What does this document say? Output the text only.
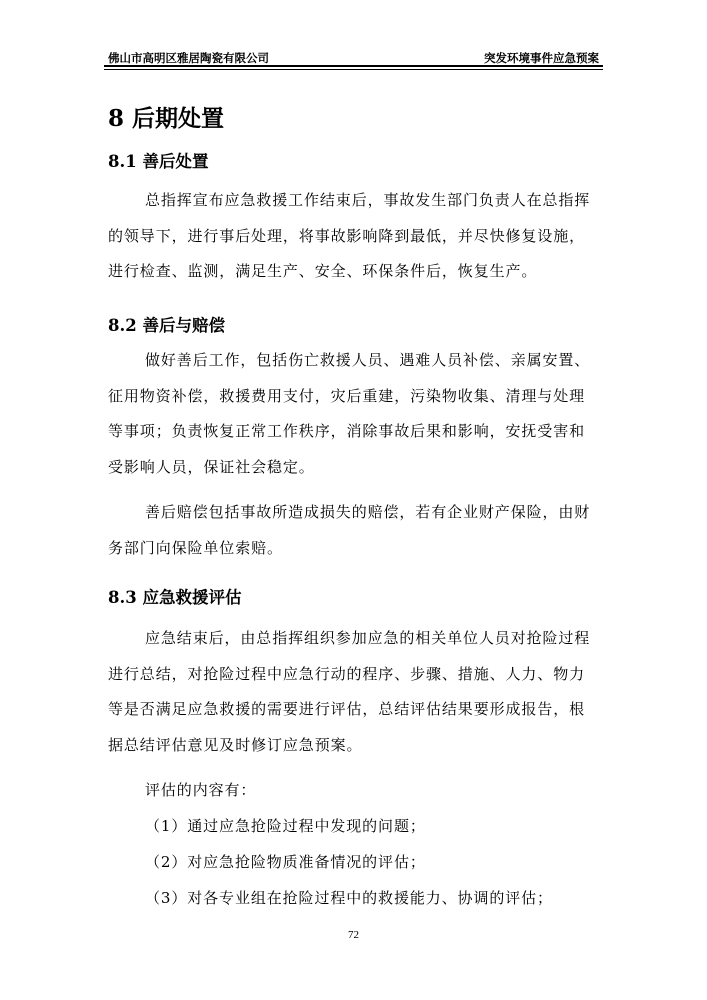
佛山市高明区雅居陶瓷有限公司	突发环境事件应急预案
8 后期处置
8.1 善后处置
总指挥宣布应急救援工作结束后，事故发生部门负责人在总指挥的领导下，进行事后处理，将事故影响降到最低，并尽快修复设施，进行检查、监测，满足生产、安全、环保条件后，恢复生产。
8.2 善后与赔偿
做好善后工作，包括伤亡救援人员、遇难人员补偿、亲属安置、征用物资补偿，救援费用支付，灾后重建，污染物收集、清理与处理等事项；负责恢复正常工作秩序，消除事故后果和影响，安抚受害和受影响人员，保证社会稳定。
善后赔偿包括事故所造成损失的赔偿，若有企业财产保险，由财务部门向保险单位索赔。
8.3 应急救援评估
应急结束后，由总指挥组织参加应急的相关单位人员对抢险过程进行总结，对抢险过程中应急行动的程序、步骤、措施、人力、物力等是否满足应急救援的需要进行评估，总结评估结果要形成报告，根据总结评估意见及时修订应急预案。
评估的内容有：
（1）通过应急抢险过程中发现的问题；
（2）对应急抢险物质准备情况的评估；
（3）对各专业组在抢险过程中的救援能力、协调的评估；
72
